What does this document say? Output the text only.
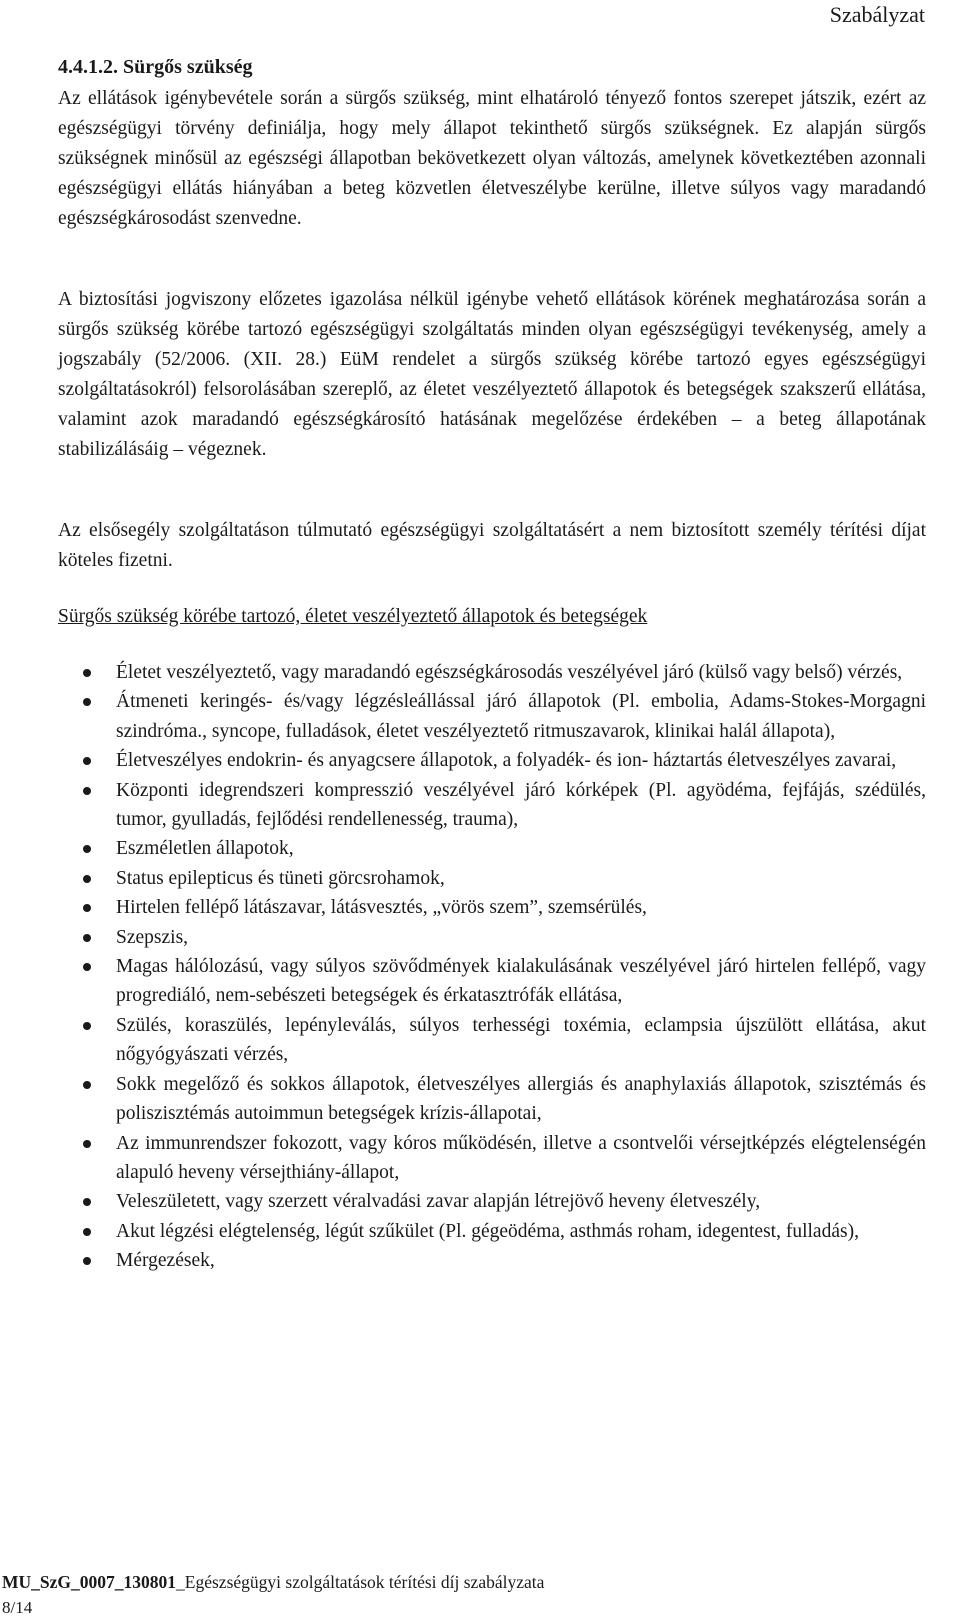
Szabályzat
4.4.1.2. Sürgős szükség

Az ellátások igénybevétele során a sürgős szükség, mint elhatároló tényező fontos szerepet játszik, ezért az egészségügyi törvény definiálja, hogy mely állapot tekinthető sürgős szükségnek. Ez alapján sürgős szükségnek minősül az egészségi állapotban bekövetkezett olyan változás, amelynek következtében azonnali egészségügyi ellátás hiányában a beteg közvetlen életveszélybe kerülne, illetve súlyos vagy maradandó egészségkárosodást szenvedne.

A biztosítási jogviszony előzetes igazolása nélkül igénybe vehető ellátások körének meghatározása során a sürgős szükség körébe tartozó egészségügyi szolgáltatás minden olyan egészségügyi tevékenység, amely a jogszabály (52/2006. (XII. 28.) EüM rendelet a sürgős szükség körébe tartozó egyes egészségügyi szolgáltatásokról) felsorolásában szereplő, az életet veszélyeztető állapotok és betegségek szakszerű ellátása, valamint azok maradandó egészségkárosító hatásának megelőzése érdekében – a beteg állapotának stabilizálásáig – végeznek.

Az elsősegély szolgáltatáson túlmutató egészségügyi szolgáltatásért a nem biztosított személy térítési díjat köteles fizetni.

Sürgős szükség körébe tartozó, életet veszélyeztető állapotok és betegségek
Életet veszélyeztető, vagy maradandó egészségkárosodás veszélyével járó (külső vagy belső) vérzés,
Átmeneti keringés- és/vagy légzésleállással járó állapotok (Pl. embolia, Adams-Stokes-Morgagni szindróma., syncope, fulladások, életet veszélyeztető ritmuszavarok, klinikai halál állapota),
Életveszélyes endokrin- és anyagcsere állapotok, a folyadék- és ion- háztartás életveszélyes zavarai,
Központi idegrendszeri kompresszió veszélyével járó kórképek (Pl. agyödéma, fejfájás, szédülés, tumor, gyulladás, fejlődési rendellenesség, trauma),
Eszméletlen állapotok,
Status epilepticus és tüneti görcsrohamok,
Hirtelen fellépő látászavar, látásvesztés, „vörös szem”, szemsérülés,
Szepszis,
Magas hálólozású, vagy súlyos szövődmények kialakulásának veszélyével járó hirtelen fellépő, vagy progrediáló, nem-sebészeti betegségek és érkatasztrófák ellátása,
Szülés, koraszülés, lepényleválás, súlyos terhességi toxémia, eclampsia újszülött ellátása, akut nőgyógyászati vérzés,
Sokk megelőző és sokkos állapotok, életveszélyes allergiás és anaphylaxiás állapotok, szisztémás és poliszisztémás autoimmun betegségek krízis-állapotai,
Az immunrendszer fokozott, vagy kóros működésén, illetve a csontvelői vérsejtképzés elégtelenségén alapuló heveny vérsejthiány-állapot,
Veleszületett, vagy szerzett véralvadási zavar alapján létrejövő heveny életveszély,
Akut légzési elégtelenség, légút szűkület (Pl. gégeödéma, asthmás roham, idegentest, fulladás),
Mérgezések,
MU_SzG_0007_130801_Egészségügyi szolgáltatások térítési díj szabályzata
8/14
